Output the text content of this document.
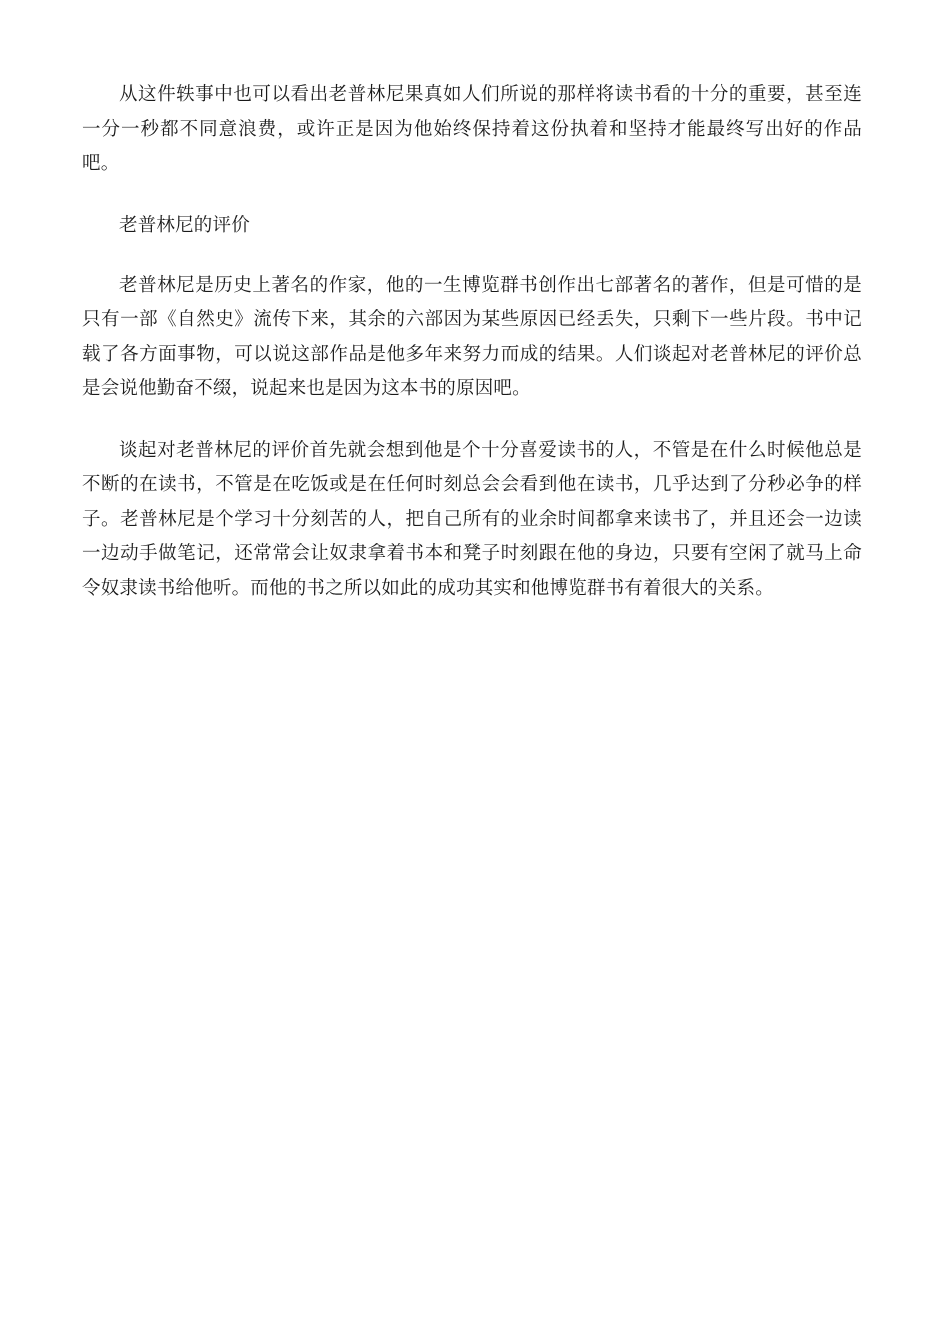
从这件轶事中也可以看出老普林尼果真如人们所说的那样将读书看的十分的重要，甚至连一分一秒都不同意浪费，或许正是因为他始终保持着这份执着和坚持才能最终写出好的作品吧。

老普林尼的评价

老普林尼是历史上著名的作家，他的一生博览群书创作出七部著名的著作，但是可惜的是只有一部《自然史》流传下来，其余的六部因为某些原因已经丢失，只剩下一些片段。书中记载了各方面事物，可以说这部作品是他多年来努力而成的结果。人们谈起对老普林尼的评价总是会说他勤奋不缀，说起来也是因为这本书的原因吧。

谈起对老普林尼的评价首先就会想到他是个十分喜爱读书的人，不管是在什么时候他总是不断的在读书，不管是在吃饭或是在任何时刻总会会看到他在读书，几乎达到了分秒必争的样子。老普林尼是个学习十分刻苦的人，把自己所有的业余时间都拿来读书了，并且还会一边读一边动手做笔记，还常常会让奴隶拿着书本和凳子时刻跟在他的身边，只要有空闲了就马上命令奴隶读书给他听。而他的书之所以如此的成功其实和他博览群书有着很大的关系。
